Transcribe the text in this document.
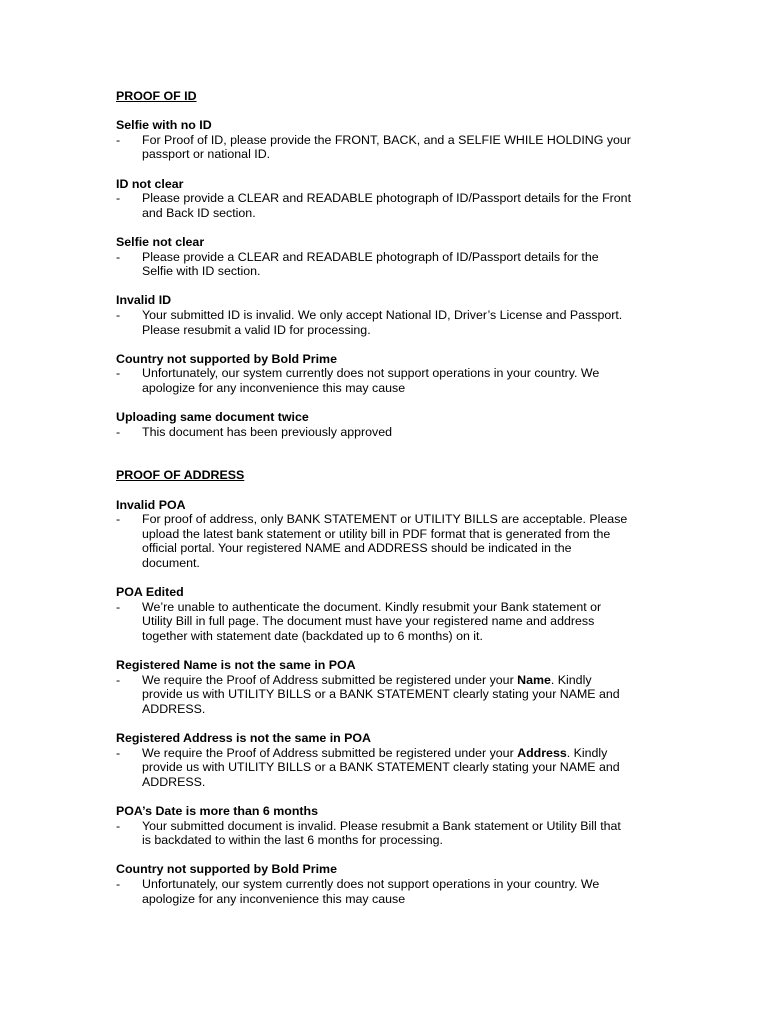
PROOF OF ID
Selfie with no ID
-	For Proof of ID, please provide the FRONT, BACK, and a SELFIE WHILE HOLDING your
passport or national ID.
ID not clear
-	Please provide a CLEAR and READABLE photograph of ID/Passport details for the Front
and Back ID section.
Selfie not clear
-	Please provide a CLEAR and READABLE photograph of ID/Passport details for the
Selfie with ID section.
Invalid ID
-	Your submitted ID is invalid. We only accept National ID, Driver’s License and Passport.
Please resubmit a valid ID for processing.
Country not supported by Bold Prime
-	Unfortunately, our system currently does not support operations in your country. We
apologize for any inconvenience this may cause
Uploading same document twice
-	This document has been previously approved
PROOF OF ADDRESS
Invalid POA
-	For proof of address, only BANK STATEMENT or UTILITY BILLS are acceptable. Please
upload the latest bank statement or utility bill in PDF format that is generated from the
official portal. Your registered NAME and ADDRESS should be indicated in the
document.
POA Edited
-	We’re unable to authenticate the document. Kindly resubmit your Bank statement or
Utility Bill in full page. The document must have your registered name and address
together with statement date (backdated up to 6 months) on it.
Registered Name is not the same in POA
-	We require the Proof of Address submitted be registered under your Name. Kindly
provide us with UTILITY BILLS or a BANK STATEMENT clearly stating your NAME and
ADDRESS.
Registered Address is not the same in POA
-	We require the Proof of Address submitted be registered under your Address. Kindly
provide us with UTILITY BILLS or a BANK STATEMENT clearly stating your NAME and
ADDRESS.
POA’s Date is more than 6 months
-	Your submitted document is invalid. Please resubmit a Bank statement or Utility Bill that
is backdated to within the last 6 months for processing.
Country not supported by Bold Prime
-	Unfortunately, our system currently does not support operations in your country. We
apologize for any inconvenience this may cause
